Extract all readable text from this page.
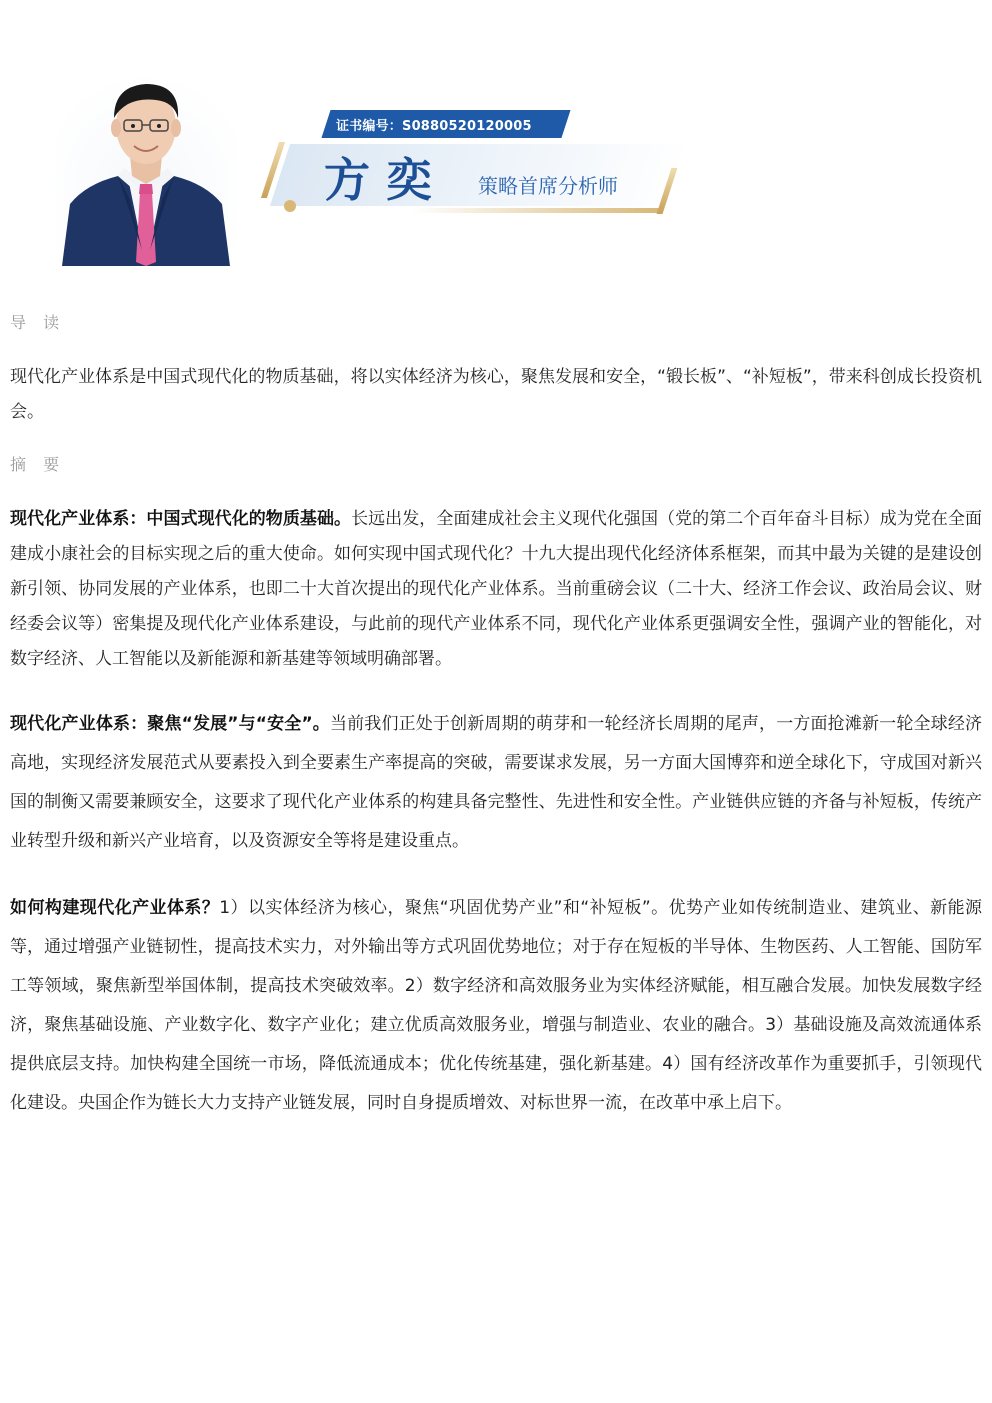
证书编号：S0880520120005
方奕 策略首席分析师

导 读

现代化产业体系是中国式现代化的物质基础，将以实体经济为核心，聚焦发展和安全，“锻长板”、“补短板”，带来科创成长投资机会。

摘 要

现代化产业体系：中国式现代化的物质基础。长远出发，全面建成社会主义现代化强国（党的第二个百年奋斗目标）成为党在全面建成小康社会的目标实现之后的重大使命。如何实现中国式现代化？十九大提出现代化经济体系框架，而其中最为关键的是建设创新引领、协同发展的产业体系，也即二十大首次提出的现代化产业体系。当前重磅会议（二十大、经济工作会议、政治局会议、财经委会议等）密集提及现代化产业体系建设，与此前的现代产业体系不同，现代化产业体系更强调安全性，强调产业的智能化，对数字经济、人工智能以及新能源和新基建等领域明确部署。

现代化产业体系：聚焦“发展”与“安全”。当前我们正处于创新周期的萌芽和一轮经济长周期的尾声，一方面抢滩新一轮全球经济高地，实现经济发展范式从要素投入到全要素生产率提高的突破，需要谋求发展，另一方面大国博弈和逆全球化下，守成国对新兴国的制衡又需要兼顾安全，这要求了现代化产业体系的构建具备完整性、先进性和安全性。产业链供应链的齐备与补短板，传统产业转型升级和新兴产业培育，以及资源安全等将是建设重点。

如何构建现代化产业体系？1）以实体经济为核心，聚焦“巩固优势产业”和“补短板”。优势产业如传统制造业、建筑业、新能源等，通过增强产业链韧性，提高技术实力，对外输出等方式巩固优势地位；对于存在短板的半导体、生物医药、人工智能、国防军工等领域，聚焦新型举国体制，提高技术突破效率。2）数字经济和高效服务业为实体经济赋能，相互融合发展。加快发展数字经济，聚焦基础设施、产业数字化、数字产业化；建立优质高效服务业，增强与制造业、农业的融合。3）基础设施及高效流通体系提供底层支持。加快构建全国统一市场，降低流通成本；优化传统基建，强化新基建。4）国有经济改革作为重要抓手，引领现代化建设。央国企作为链长大力支持产业链发展，同时自身提质增效、对标世界一流，在改革中承上启下。
